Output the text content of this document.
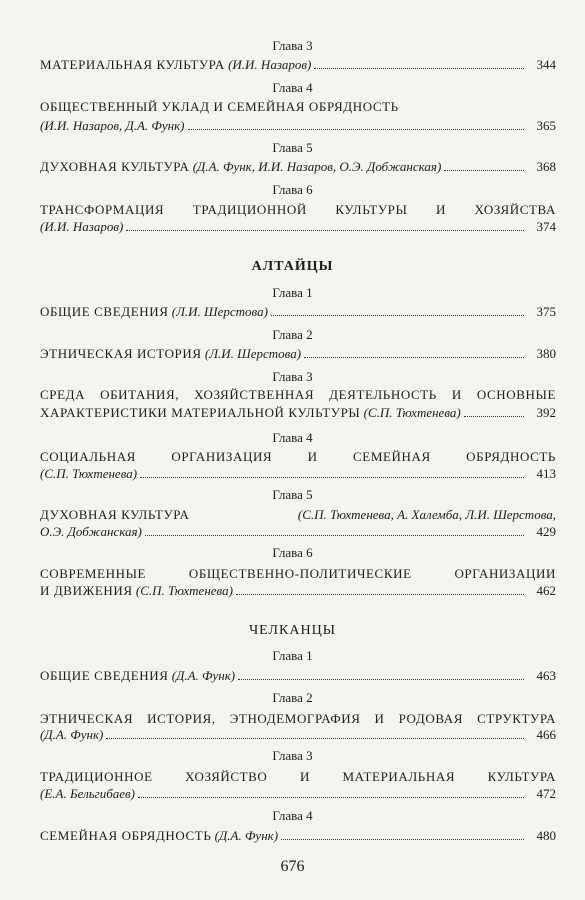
Глава 3
МАТЕРИАЛЬНАЯ КУЛЬТУРА (И.И. Назаров)	344
Глава 4
ОБЩЕСТВЕННЫЙ УКЛАД И СЕМЕЙНАЯ ОБРЯДНОСТЬ
(И.И. Назаров, Д.А. Функ)	365
Глава 5
ДУХОВНАЯ КУЛЬТУРА (Д.А. Функ, И.И. Назаров, О.Э. Добжанская)	368
Глава 6
ТРАНСФОРМАЦИЯ ТРАДИЦИОННОЙ КУЛЬТУРЫ И ХОЗЯЙСТВА
(И.И. Назаров)	374
АЛТАЙЦЫ
Глава 1
ОБЩИЕ СВЕДЕНИЯ (Л.И. Шерстова)	375
Глава 2
ЭТНИЧЕСКАЯ ИСТОРИЯ (Л.И. Шерстова)	380
Глава 3
СРЕДА ОБИТАНИЯ, ХОЗЯЙСТВЕННАЯ ДЕЯТЕЛЬНОСТЬ И ОСНОВНЫЕ
ХАРАКТЕРИСТИКИ МАТЕРИАЛЬНОЙ КУЛЬТУРЫ (С.П. Тюхтенева)	392
Глава 4
СОЦИАЛЬНАЯ ОРГАНИЗАЦИЯ И СЕМЕЙНАЯ ОБРЯДНОСТЬ
(С.П. Тюхтенева)	413
Глава 5
ДУХОВНАЯ КУЛЬТУРА	(С.П. Тюхтенева, А. Халемба, Л.И. Шерстова,
О.Э. Добжанская)	429
Глава 6
СОВРЕМЕННЫЕ ОБЩЕСТВЕННО-ПОЛИТИЧЕСКИЕ ОРГАНИЗАЦИИ
И ДВИЖЕНИЯ (С.П. Тюхтенева)	462
ЧЕЛКАНЦЫ
Глава 1
ОБЩИЕ СВЕДЕНИЯ (Д.А. Функ)	463
Глава 2
ЭТНИЧЕСКАЯ ИСТОРИЯ, ЭТНОДЕМОГРАФИЯ И РОДОВАЯ СТРУКТУРА
(Д.А. Функ)	466
Глава 3
ТРАДИЦИОННОЕ ХОЗЯЙСТВО И МАТЕРИАЛЬНАЯ КУЛЬТУРА
(Е.А. Бельгибаев)	472
Глава 4
СЕМЕЙНАЯ ОБРЯДНОСТЬ (Д.А. Функ)	480
676
